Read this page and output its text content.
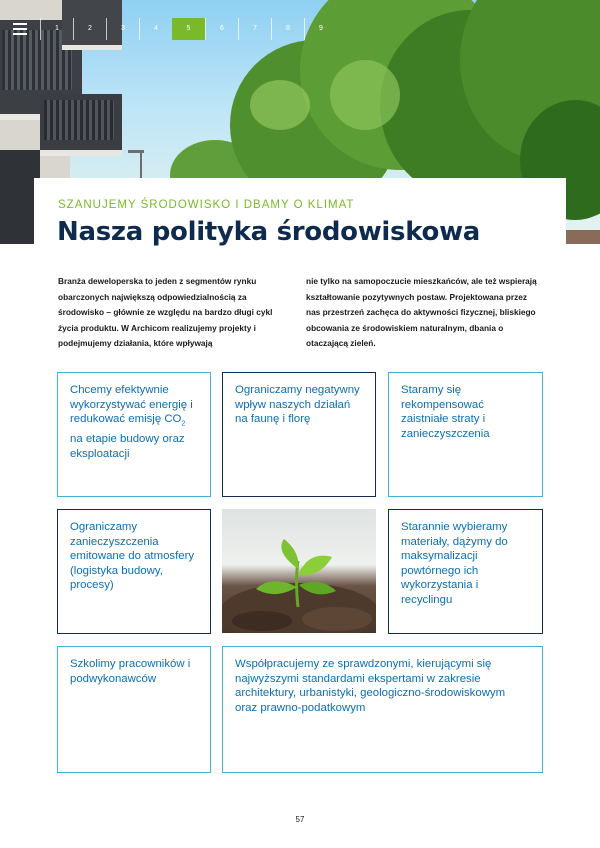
1	2	3	4	5	6	7	8	9
SZANUJEMY ŚRODOWISKO I DBAMY O KLIMAT
Nasza polityka środowiskowa

Branża deweloperska to jeden z segmentów rynku obarczonych największą odpowiedzialnością za środowisko – głównie ze względu na bardzo długi cykl życia produktu. W Archicom realizujemy projekty i podejmujemy działania, które wpływają

nie tylko na samopoczucie mieszkańców, ale też wspierają kształtowanie pozytywnych postaw. Projektowana przez nas przestrzeń zachęca do aktywności fizycznej, bliskiego obcowania ze środowiskiem naturalnym, dbania o otaczającą zieleń.

Chcemy efektywnie wykorzystywać energię i redukować emisję $CO_2$ na etapie budowy oraz eksploatacji
Ograniczamy negatywny wpływ naszych działań na faunę i florę
Staramy się rekompensować zaistniałe straty i zanieczyszczenia
Ograniczamy zanieczyszczenia emitowane do atmosfery (logistyka budowy, procesy)
Starannie wybieramy materiały, dążymy do maksymalizacji powtórnego ich wykorzystania i recyclingu
Szkolimy pracowników i podwykonawców
Współpracujemy ze sprawdzonymi, kierującymi się najwyższymi standardami ekspertami w zakresie architektury, urbanistyki, geologiczno-środowiskowym oraz prawno-podatkowym
57
